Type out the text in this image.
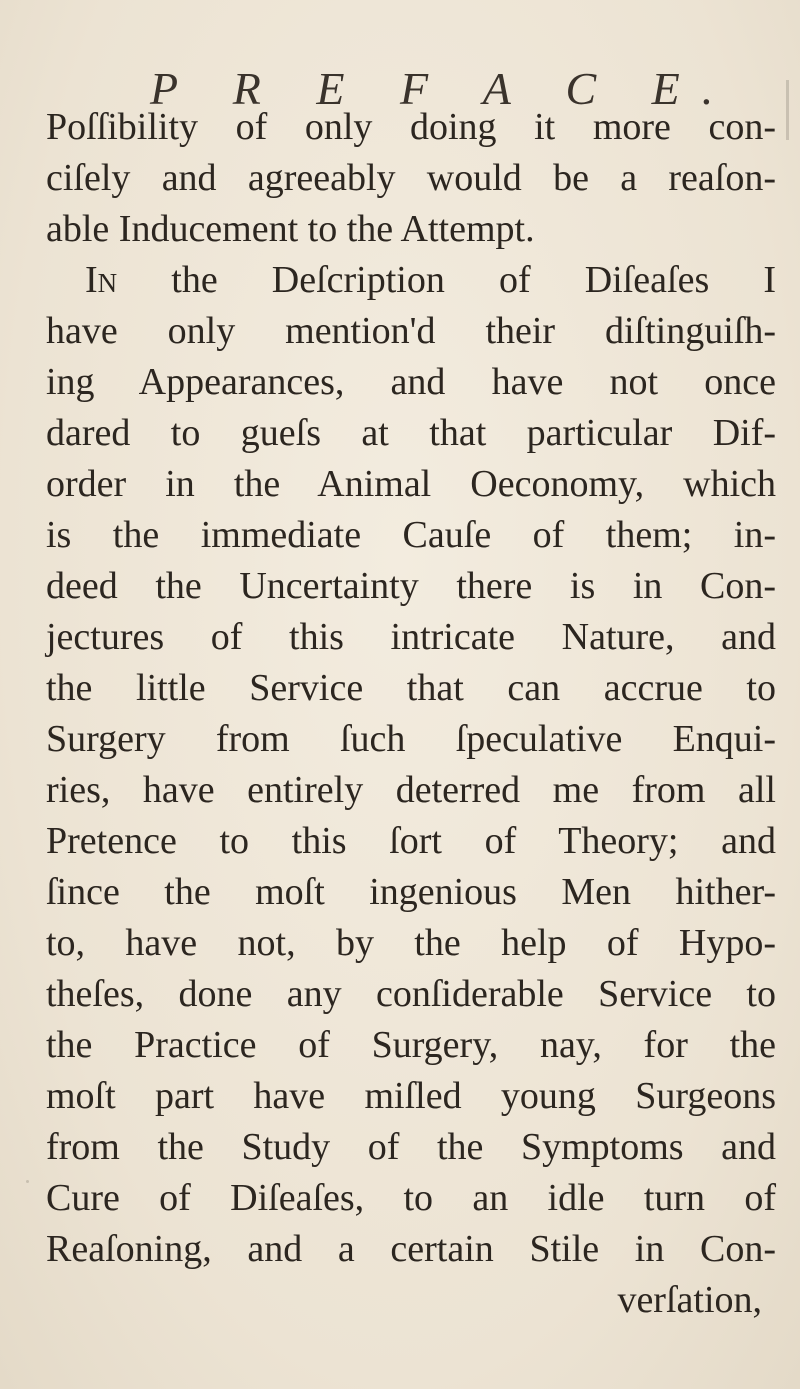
P R E F A C E.
Poſſibility of only doing it more con-
ciſely and agreeably would be a reaſon-
able Inducement to the Attempt.
In the Deſcription of Diſeaſes I
have only mention'd their diſtinguiſh-
ing Appearances, and have not once
dared to gueſs at that particular Dif-
order in the Animal Oeconomy, which
is the immediate Cauſe of them; in-
deed the Uncertainty there is in Con-
jectures of this intricate Nature, and
the little Service that can accrue to
Surgery from ſuch ſpeculative Enqui-
ries, have entirely deterred me from all
Pretence to this ſort of Theory; and
ſince the moſt ingenious Men hither-
to, have not, by the help of Hypo-
theſes, done any conſiderable Service to
the Practice of Surgery, nay, for the
moſt part have miſled young Surgeons
from the Study of the Symptoms and
Cure of Diſeaſes, to an idle turn of
Reaſoning, and a certain Stile in Con-
verſation,
